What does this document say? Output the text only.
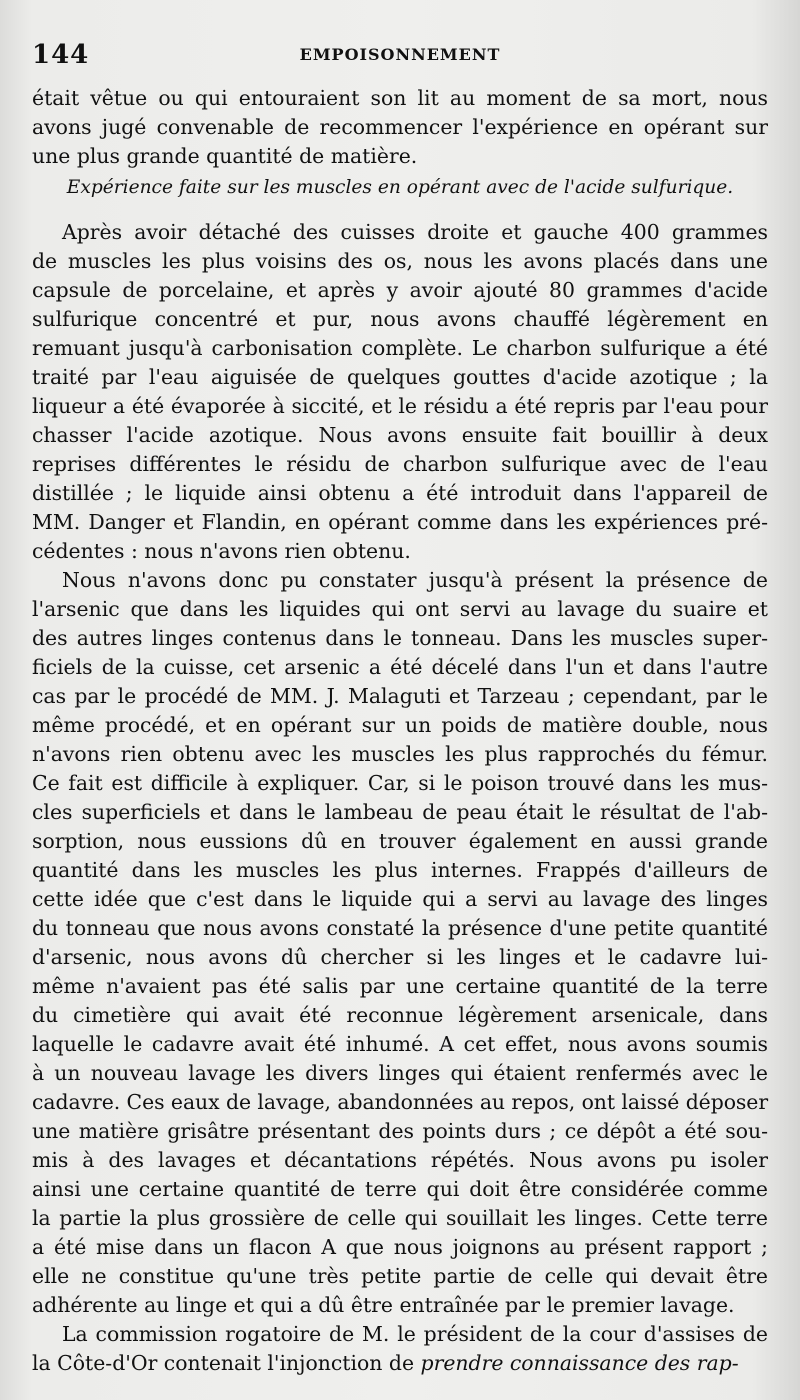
144	EMPOISONNEMENT
était vêtue ou qui entouraient son lit au moment de sa mort, nous
avons jugé convenable de recommencer l'expérience en opérant sur
une plus grande quantité de matière.
Expérience faite sur les muscles en opérant avec de l'acide sulfurique.
Après avoir détaché des cuisses droite et gauche 400 grammes
de muscles les plus voisins des os, nous les avons placés dans une
capsule de porcelaine, et après y avoir ajouté 80 grammes d'acide
sulfurique concentré et pur, nous avons chauffé légèrement en
remuant jusqu'à carbonisation complète. Le charbon sulfurique a été
traité par l'eau aiguisée de quelques gouttes d'acide azotique ; la
liqueur a été évaporée à siccité, et le résidu a été repris par l'eau pour
chasser l'acide azotique. Nous avons ensuite fait bouillir à deux
reprises différentes le résidu de charbon sulfurique avec de l'eau
distillée ; le liquide ainsi obtenu a été introduit dans l'appareil de
MM. Danger et Flandin, en opérant comme dans les expériences pré-
cédentes : nous n'avons rien obtenu.
Nous n'avons donc pu constater jusqu'à présent la présence de
l'arsenic que dans les liquides qui ont servi au lavage du suaire et
des autres linges contenus dans le tonneau. Dans les muscles super-
ficiels de la cuisse, cet arsenic a été décelé dans l'un et dans l'autre
cas par le procédé de MM. J. Malaguti et Tarzeau ; cependant, par le
même procédé, et en opérant sur un poids de matière double, nous
n'avons rien obtenu avec les muscles les plus rapprochés du fémur.
Ce fait est difficile à expliquer. Car, si le poison trouvé dans les mus-
cles superficiels et dans le lambeau de peau était le résultat de l'ab-
sorption, nous eussions dû en trouver également en aussi grande
quantité dans les muscles les plus internes. Frappés d'ailleurs de
cette idée que c'est dans le liquide qui a servi au lavage des linges
du tonneau que nous avons constaté la présence d'une petite quantité
d'arsenic, nous avons dû chercher si les linges et le cadavre lui-
même n'avaient pas été salis par une certaine quantité de la terre
du cimetière qui avait été reconnue légèrement arsenicale, dans
laquelle le cadavre avait été inhumé. A cet effet, nous avons soumis
à un nouveau lavage les divers linges qui étaient renfermés avec le
cadavre. Ces eaux de lavage, abandonnées au repos, ont laissé déposer
une matière grisâtre présentant des points durs ; ce dépôt a été sou-
mis à des lavages et décantations répétés. Nous avons pu isoler
ainsi une certaine quantité de terre qui doit être considérée comme
la partie la plus grossière de celle qui souillait les linges. Cette terre
a été mise dans un flacon A que nous joignons au présent rapport ;
elle ne constitue qu'une très petite partie de celle qui devait être
adhérente au linge et qui a dû être entraînée par le premier lavage.
La commission rogatoire de M. le président de la cour d'assises de
la Côte-d'Or contenait l'injonction de prendre connaissance des rap-
